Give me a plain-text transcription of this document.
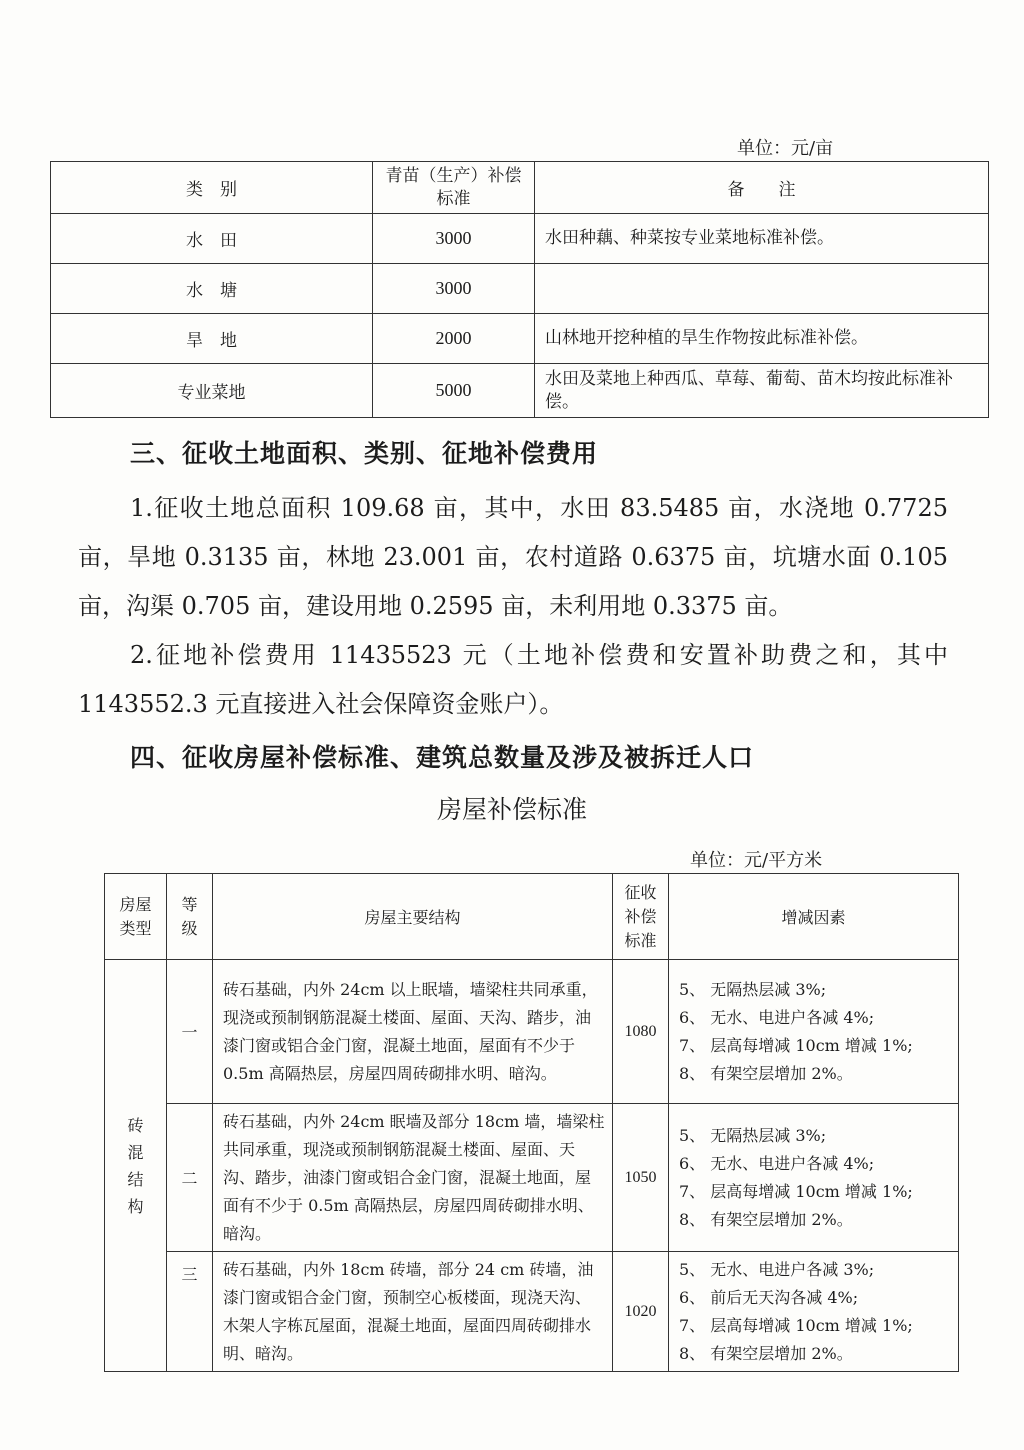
单位：元/亩
类　别	青苗（生产）补偿标准	备　　注
水　田	3000	水田种藕、种菜按专业菜地标准补偿。
水　塘	3000	
旱　地	2000	山林地开挖种植的旱生作物按此标准补偿。
专业菜地	5000	水田及菜地上种西瓜、草莓、葡萄、苗木均按此标准补偿。
三、征收土地面积、类别、征地补偿费用

1.征收土地总面积 109.68 亩，其中，水田 83.5485 亩，水浇地 0.7725 亩，旱地 0.3135 亩，林地 23.001 亩，农村道路 0.6375 亩，坑塘水面 0.105 亩，沟渠 0.705 亩，建设用地 0.2595 亩，未利用地 0.3375 亩。

2.征地补偿费用 11435523 元（土地补偿费和安置补助费之和，其中 1143552.3 元直接进入社会保障资金账户）。

四、征收房屋补偿标准、建筑总数量及涉及被拆迁人口
房屋补偿标准
单位：元/平方米
房屋类型	等级	房屋主要结构	征收补偿标准	增减因素
砖混结构	一	砖石基础，内外 24cm 以上眠墙，墙梁柱共同承重，现浇或预制钢筋混凝土楼面、屋面、天沟、踏步，油漆门窗或铝合金门窗，混凝土地面，屋面有不少于 0.5m 高隔热层，房屋四周砖砌排水明、暗沟。	1080	5、 无隔热层减 3%;
6、 无水、电进户各减 4%;
7、 层高每增减 10cm 增减 1%;
8、 有架空层增加 2%。

	二	砖石基础，内外 24cm 眠墙及部分 18cm 墙，墙梁柱共同承重，现浇或预制钢筋混凝土楼面、屋面、天沟、踏步，油漆门窗或铝合金门窗，混凝土地面，屋面有不少于 0.5m 高隔热层，房屋四周砖砌排水明、暗沟。	1050	5、 无隔热层减 3%;
6、 无水、电进户各减 4%;
7、 层高每增减 10cm 增减 1%;
8、 有架空层增加 2%。

	三	砖石基础，内外 18cm 砖墙，部分 24 cm 砖墙，油漆门窗或铝合金门窗，预制空心板楼面，现浇天沟、木架人字栋瓦屋面，混凝土地面，屋面四周砖砌排水明、暗沟。	1020	5、 无水、电进户各减 3%;
6、 前后无天沟各减 4%;
7、 层高每增减 10cm 增减 1%;
8、 有架空层增加 2%。
